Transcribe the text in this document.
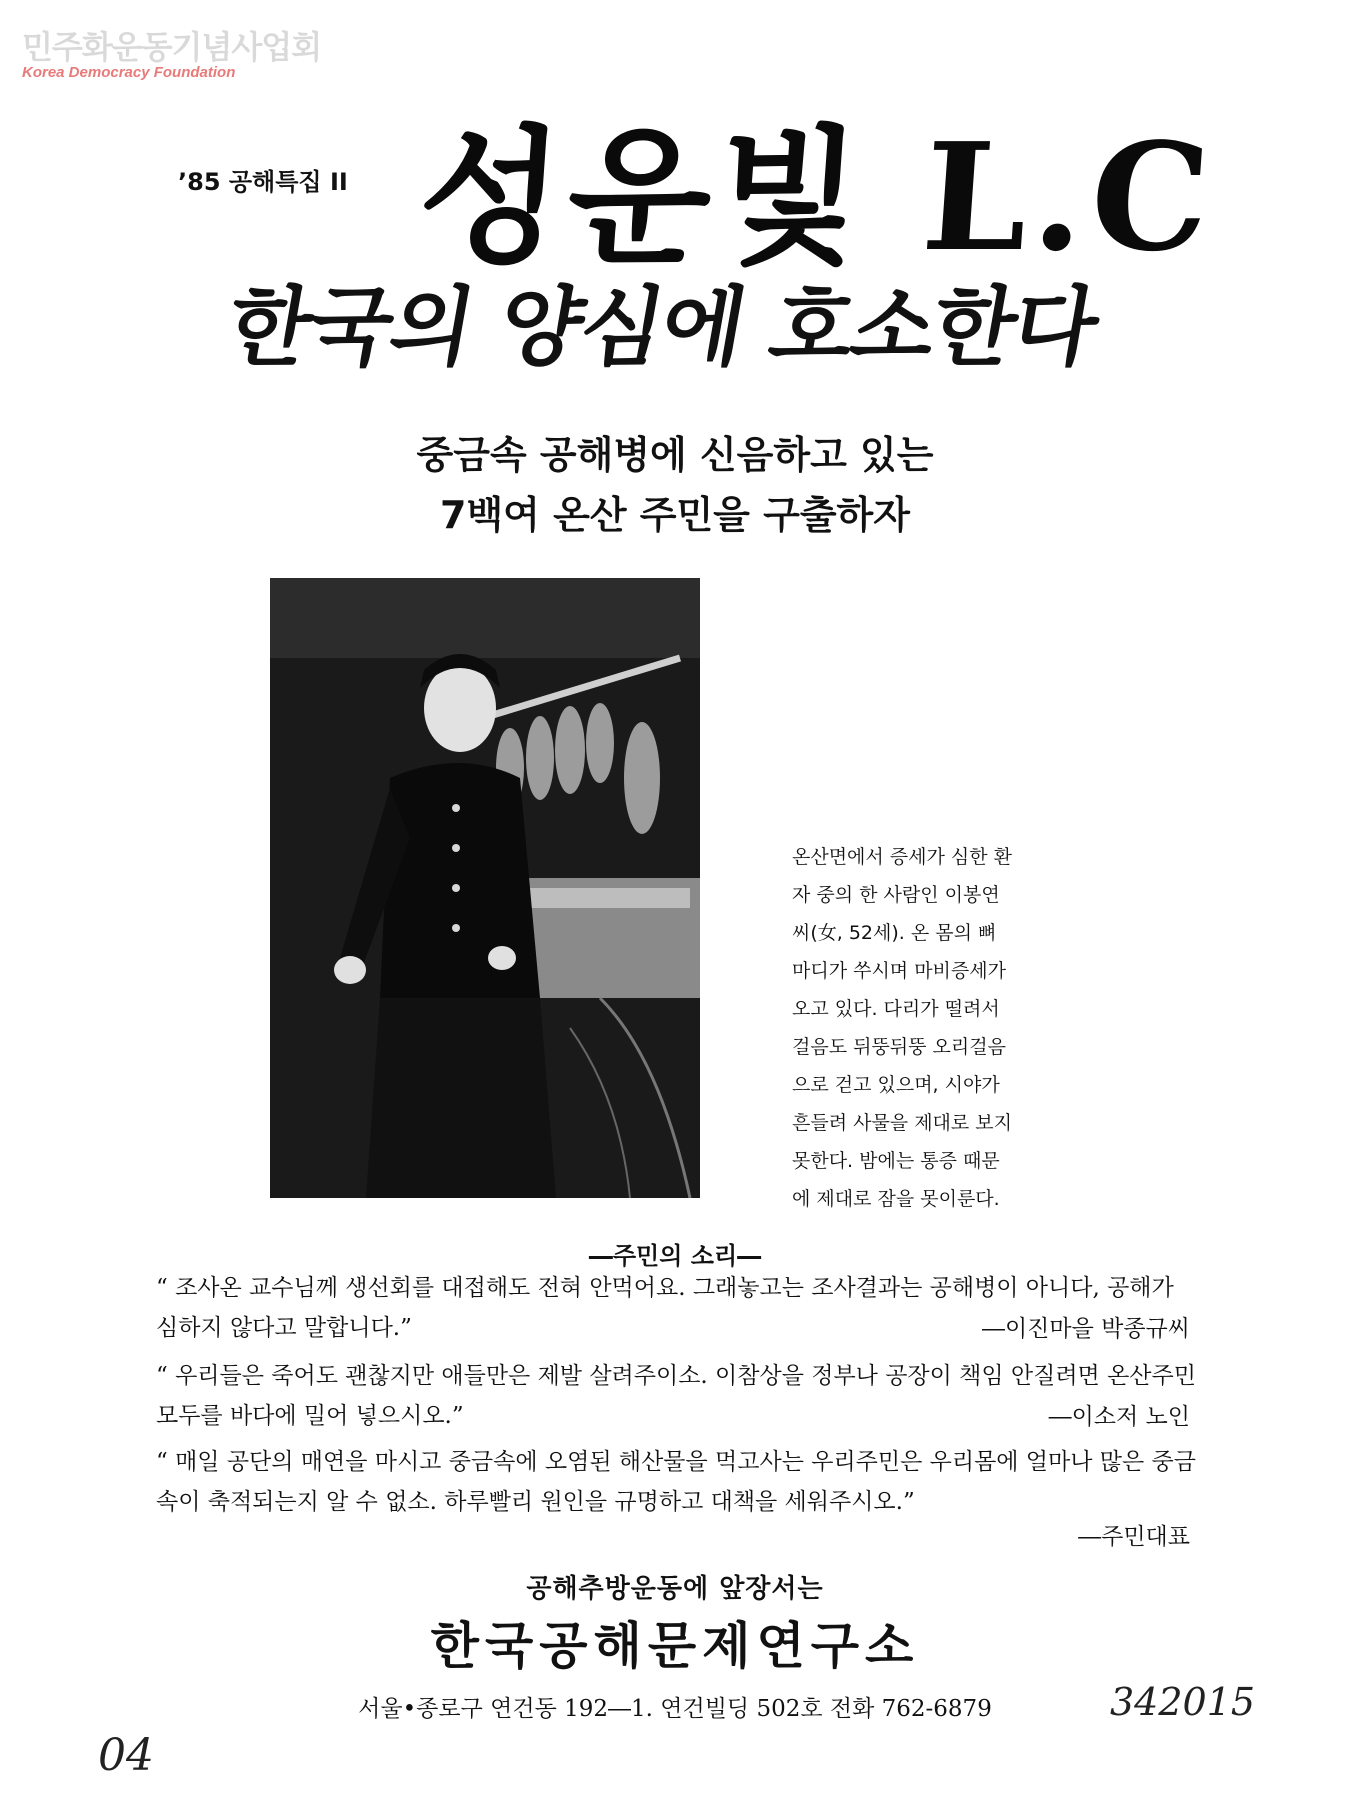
민주화운동기념사업회
Korea Democracy Foundation
’85 공해특집 II 성운빛 L.C
한국의 양심에 호소한다
중금속 공해병에 신음하고 있는
7백여 온산 주민을 구출하자
온산면에서 증세가 심한 환
자 중의 한 사람인 이봉연
씨(女, 52세). 온 몸의 뼈
마디가 쑤시며 마비증세가
오고 있다. 다리가 떨려서
걸음도 뒤뚱뒤뚱 오리걸음
으로 걷고 있으며, 시야가
흔들려 사물을 제대로 보지
못한다. 밤에는 통증 때문
에 제대로 잠을 못이룬다.
―주민의 소리―
“ 조사온 교수님께 생선회를 대접해도 전혀 안먹어요. 그래놓고는 조사결과는 공해병이 아니다, 공해가 심하지 않다고 말합니다.”	―이진마을 박종규씨
“ 우리들은 죽어도 괜찮지만 애들만은 제발 살려주이소. 이참상을 정부나 공장이 책임 안질려면 온산주민 모두를 바다에 밀어 넣으시오.”	―이소저 노인
“ 매일 공단의 매연을 마시고 중금속에 오염된 해산물을 먹고사는 우리주민은 우리몸에 얼마나 많은 중금속이 축적되는지 알 수 없소. 하루빨리 원인을 규명하고 대책을 세워주시오.”
―주민대표
공해추방운동에 앞장서는
한국공해문제연구소
서울•종로구 연건동 192―1. 연건빌딩 502호 전화 762-6879
04
342015
